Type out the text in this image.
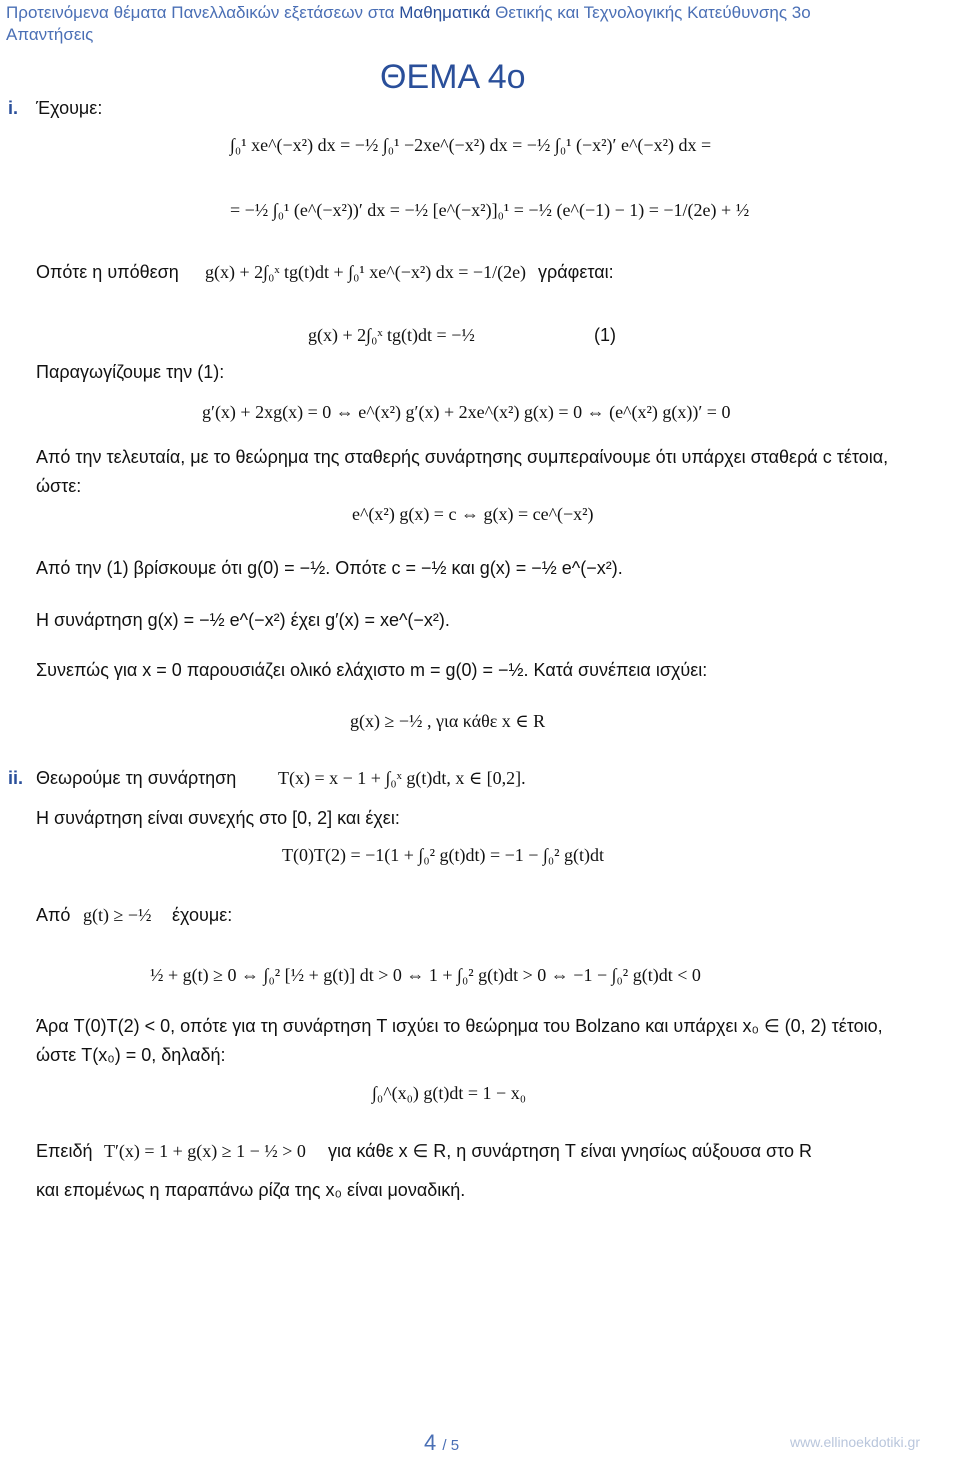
Προτεινόμενα θέματα Πανελλαδικών εξετάσεων στα Μαθηματικά Θετικής και Τεχνολογικής Κατεύθυνσης 3ο
Απαντήσεις
ΘΕΜΑ 4ο
i. Έχουμε:
∫₀¹ xe^(−x²) dx = −½ ∫₀¹ −2xe^(−x²) dx = −½ ∫₀¹ (−x²)′ e^(−x²) dx =
= −½ ∫₀¹ (e^(−x²))′ dx = −½ [e^(−x²)]₀¹ = −½ (e^(−1) − 1) = −1/(2e) + ½
Οπότε η υπόθεση g(x) + 2∫₀ˣ tg(t)dt + ∫₀¹ xe^(−x²) dx = −1/(2e) γράφεται:
g(x) + 2∫₀ˣ tg(t)dt = −½	(1)
Παραγωγίζουμε την (1):
g′(x) + 2xg(x) = 0 ⇔ e^(x²) g′(x) + 2xe^(x²) g(x) = 0 ⇔ (e^(x²) g(x))′ = 0
Από την τελευταία, με το θεώρημα της σταθερής συνάρτησης συμπεραίνουμε ότι υπάρχει σταθερά c τέτοια, ώστε:
e^(x²) g(x) = c ⇔ g(x) = ce^(−x²)
Από την (1) βρίσκουμε ότι g(0) = −½. Οπότε c = −½ και g(x) = −½ e^(−x²).
Η συνάρτηση g(x) = −½ e^(−x²) έχει g′(x) = xe^(−x²).
Συνεπώς για x = 0 παρουσιάζει ολικό ελάχιστο m = g(0) = −½. Κατά συνέπεια ισχύει:
g(x) ≥ −½ , για κάθε x ∈ R
ii. Θεωρούμε τη συνάρτηση T(x) = x − 1 + ∫₀ˣ g(t)dt, x ∈ [0,2].
Η συνάρτηση είναι συνεχής στο [0, 2] και έχει:
T(0)T(2) = −1(1 + ∫₀² g(t)dt) = −1 − ∫₀² g(t)dt
Από g(t) ≥ −½ έχουμε:
½ + g(t) ≥ 0 ⇔ ∫₀² [½ + g(t)] dt > 0 ⇔ 1 + ∫₀² g(t)dt > 0 ⇔ −1 − ∫₀² g(t)dt < 0
Άρα T(0)T(2) < 0, οπότε για τη συνάρτηση T ισχύει το θεώρημα του Bolzano και υπάρχει x₀ ∈ (0, 2) τέτοιο, ώστε T(x₀) = 0, δηλαδή:
∫₀^(x₀) g(t)dt = 1 − x₀
Επειδή T′(x) = 1 + g(x) ≥ 1 − ½ > 0 για κάθε x ∈ R, η συνάρτηση T είναι γνησίως αύξουσα στο R
και επομένως η παραπάνω ρίζα της x₀ είναι μοναδική.
4 / 5	www.ellinoekdotiki.gr
